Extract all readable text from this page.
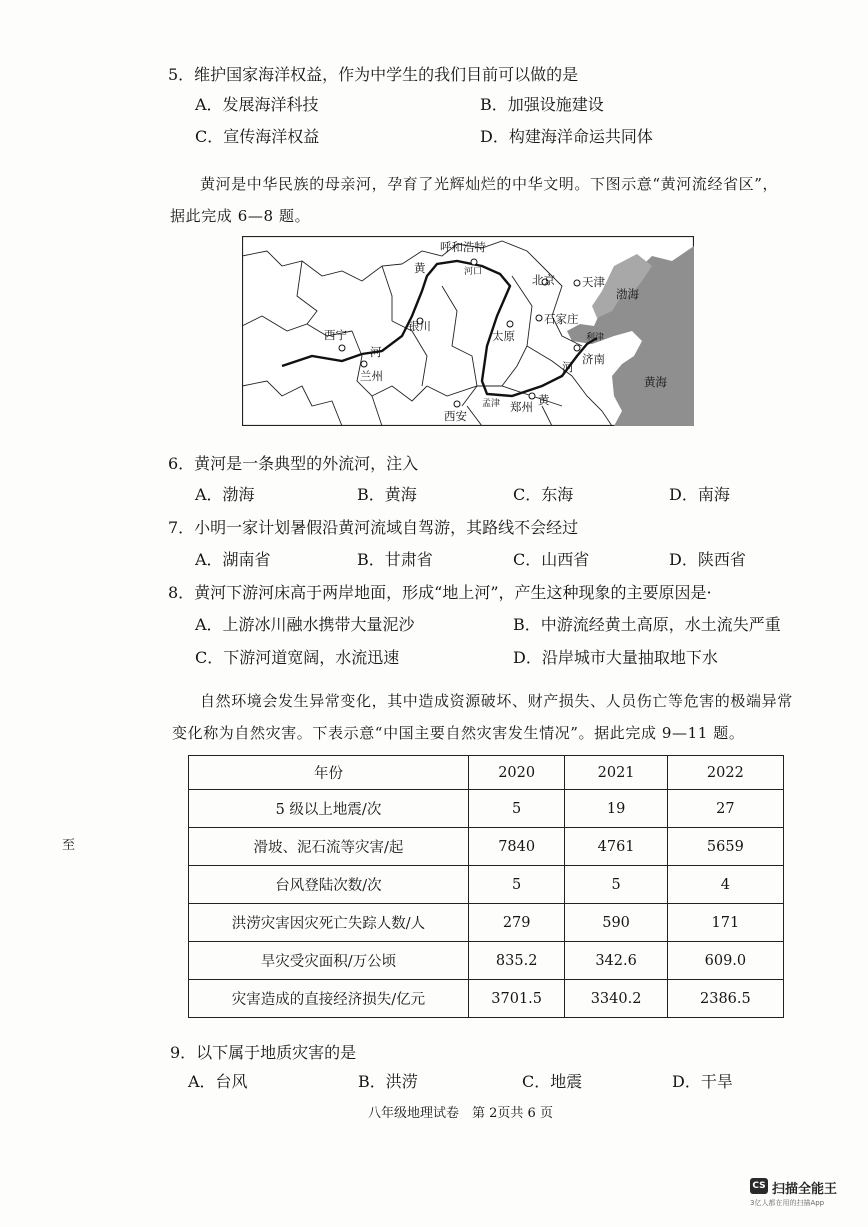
5．维护国家海洋权益，作为中学生的我们目前可以做的是
A．发展海洋科技	B．加强设施建设
C．宣传海洋权益	D．构建海洋命运共同体
黄河是中华民族的母亲河，孕育了光辉灿烂的中华文明。下图示意“黄河流经省区”，
据此完成 6—8 题。
呼和浩特
河口
黄
北京 天津
渤海
银川	石家庄
西宁	太原
河
利津
济南
河
兰州	黄海
孟津 郑州 黄
西安
6．黄河是一条典型的外流河，注入
A．渤海	B．黄海	C．东海	D．南海
7．小明一家计划暑假沿黄河流域自驾游，其路线不会经过
A．湖南省	B．甘肃省	C．山西省	D．陕西省
8．黄河下游河床高于两岸地面，形成“地上河”，产生这种现象的主要原因是·
A．上游冰川融水携带大量泥沙	B．中游流经黄土高原，水土流失严重
C．下游河道宽阔，水流迅速	D．沿岸城市大量抽取地下水
自然环境会发生异常变化，其中造成资源破坏、财产损失、人员伤亡等危害的极端异常
变化称为自然灾害。下表示意“中国主要自然灾害发生情况”。据此完成 9—11 题。
年份	2020	2021	2022
5 级以上地震/次	5	19	27
滑坡、泥石流等灾害/起	7840	4761	5659
台风登陆次数/次	5	5	4
洪涝灾害因灾死亡失踪人数/人	279	590	171
旱灾受灾面积/万公顷	835.2	342.6	609.0
灾害造成的直接经济损失/亿元	3701.5	3340.2	2386.5
至
9．以下属于地质灾害的是
A．台风	B．洪涝	C．地震	D．干旱
八年级地理试卷　第 2页共 6 页
CS 扫描全能王
3亿人都在用的扫描App
